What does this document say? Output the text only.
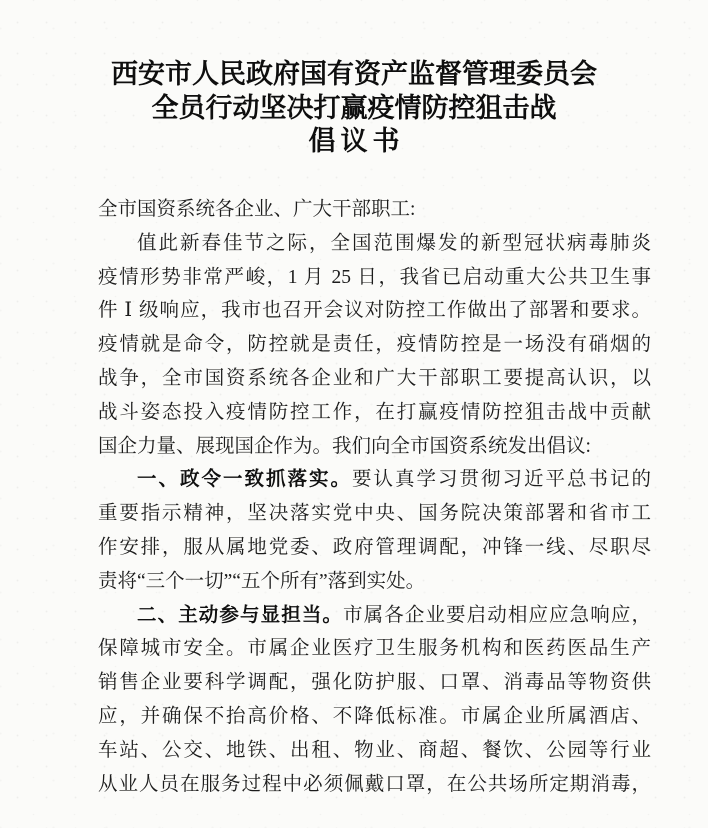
西安市人民政府国有资产监督管理委员会
全员行动坚决打赢疫情防控狙击战
倡议书
全市国资系统各企业、广大干部职工:
值此新春佳节之际，全国范围爆发的新型冠状病毒肺炎
疫情形势非常严峻，1 月 25 日，我省已启动重大公共卫生事
件 Ⅰ 级响应，我市也召开会议对防控工作做出了部署和要求。
疫情就是命令，防控就是责任，疫情防控是一场没有硝烟的
战争，全市国资系统各企业和广大干部职工要提高认识，以
战斗姿态投入疫情防控工作，在打赢疫情防控狙击战中贡献
国企力量、展现国企作为。我们向全市国资系统发出倡议:
一、政令一致抓落实。要认真学习贯彻习近平总书记的
重要指示精神，坚决落实党中央、国务院决策部署和省市工
作安排，服从属地党委、政府管理调配，冲锋一线、尽职尽
责将“三个一切”“五个所有”落到实处。
二、主动参与显担当。市属各企业要启动相应应急响应，
保障城市安全。市属企业医疗卫生服务机构和医药医品生产
销售企业要科学调配，强化防护服、口罩、消毒品等物资供
应，并确保不抬高价格、不降低标准。市属企业所属酒店、
车站、公交、地铁、出租、物业、商超、餐饮、公园等行业
从业人员在服务过程中必须佩戴口罩，在公共场所定期消毒，
